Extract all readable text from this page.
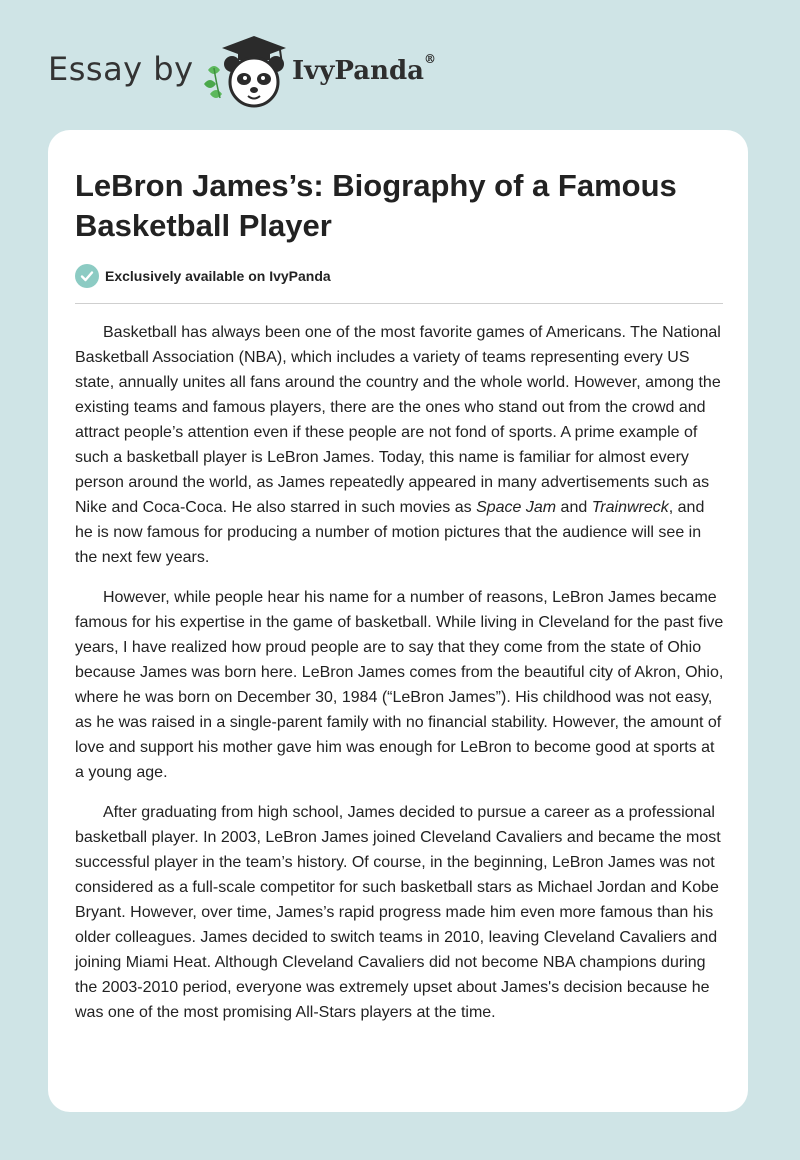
Essay by	IvyPanda®
LeBron James’s: Biography of a Famous Basketball Player
Exclusively available on IvyPanda

Basketball has always been one of the most favorite games of Americans. The National Basketball Association (NBA), which includes a variety of teams representing every US state, annually unites all fans around the country and the whole world. However, among the existing teams and famous players, there are the ones who stand out from the crowd and attract people’s attention even if these people are not fond of sports. A prime example of such a basketball player is LeBron James. Today, this name is familiar for almost every person around the world, as James repeatedly appeared in many advertisements such as Nike and Coca-Coca. He also starred in such movies as Space Jam and Trainwreck, and he is now famous for producing a number of motion pictures that the audience will see in the next few years.

However, while people hear his name for a number of reasons, LeBron James became famous for his expertise in the game of basketball. While living in Cleveland for the past five years, I have realized how proud people are to say that they come from the state of Ohio because James was born here. LeBron James comes from the beautiful city of Akron, Ohio, where he was born on December 30, 1984 (“LeBron James”). His childhood was not easy, as he was raised in a single-parent family with no financial stability. However, the amount of love and support his mother gave him was enough for LeBron to become good at sports at a young age.

After graduating from high school, James decided to pursue a career as a professional basketball player. In 2003, LeBron James joined Cleveland Cavaliers and became the most successful player in the team’s history. Of course, in the beginning, LeBron James was not considered as a full-scale competitor for such basketball stars as Michael Jordan and Kobe Bryant. However, over time, James’s rapid progress made him even more famous than his older colleagues. James decided to switch teams in 2010, leaving Cleveland Cavaliers and joining Miami Heat. Although Cleveland Cavaliers did not become NBA champions during the 2003-2010 period, everyone was extremely upset about James's decision because he was one of the most promising All-Stars players at the time.
